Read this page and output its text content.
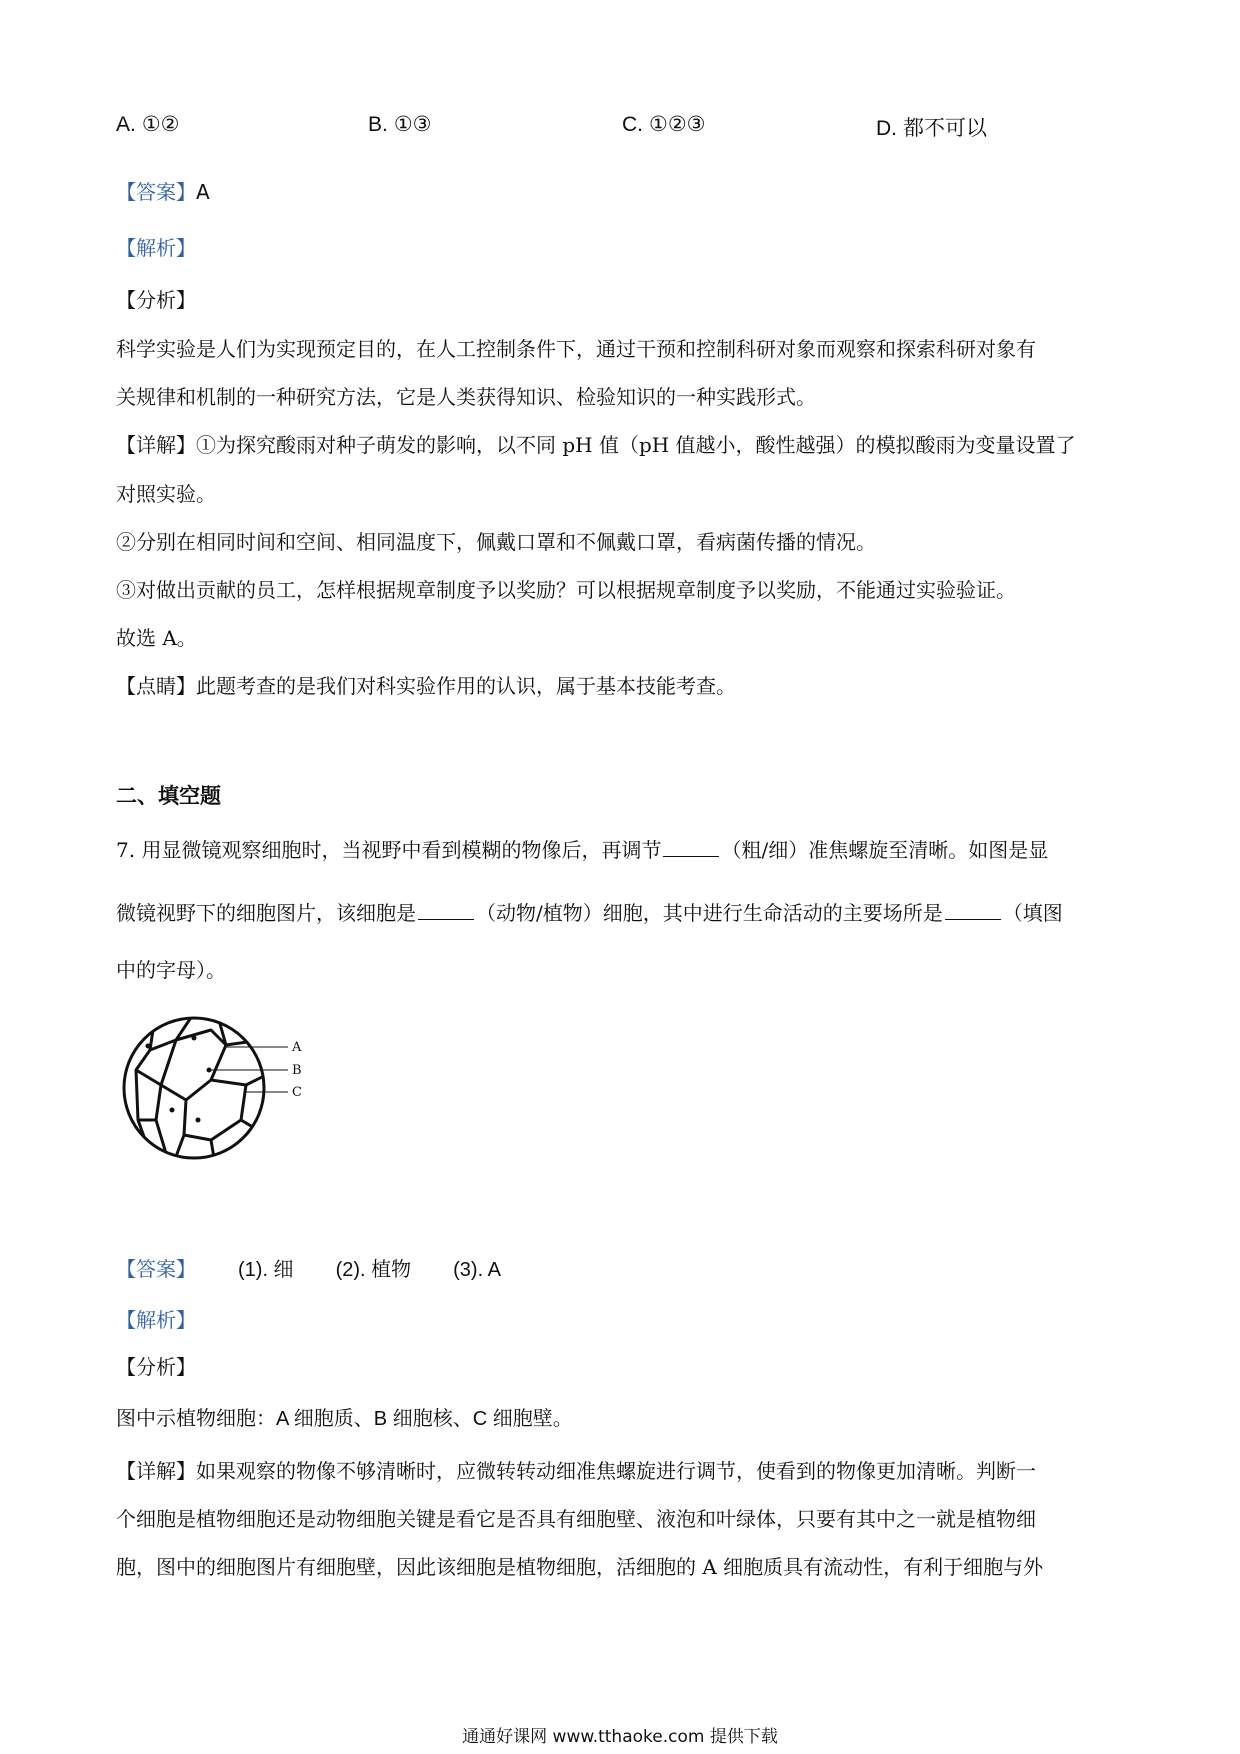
A. ①②	B. ①③	C. ①②③	D. 都不可以
【答案】A
【解析】
【分析】
科学实验是人们为实现预定目的，在人工控制条件下，通过干预和控制科研对象而观察和探索科研对象有
关规律和机制的一种研究方法，它是人类获得知识、检验知识的一种实践形式。
【详解】①为探究酸雨对种子萌发的影响，以不同 pH 值（pH 值越小，酸性越强）的模拟酸雨为变量设置了
对照实验。
②分别在相同时间和空间、相同温度下，佩戴口罩和不佩戴口罩，看病菌传播的情况。
③对做出贡献的员工，怎样根据规章制度予以奖励？可以根据规章制度予以奖励，不能通过实验验证。
故选 A。
【点睛】此题考查的是我们对科实验作用的认识，属于基本技能考查。
二、填空题
7. 用显微镜观察细胞时，当视野中看到模糊的物像后，再调节	（粗/细）准焦螺旋至清晰。如图是显
微镜视野下的细胞图片，该细胞是	（动物/植物）细胞，其中进行生命活动的主要场所是	（填图
中的字母）。
A
B
C
【答案】 (1). 细 (2). 植物 (3). A
【解析】
【分析】
图中示植物细胞：A 细胞质、B 细胞核、C 细胞壁。
【详解】如果观察的物像不够清晰时，应微转转动细准焦螺旋进行调节，使看到的物像更加清晰。判断一
个细胞是植物细胞还是动物细胞关键是看它是否具有细胞壁、液泡和叶绿体，只要有其中之一就是植物细
胞，图中的细胞图片有细胞壁，因此该细胞是植物细胞，活细胞的 A 细胞质具有流动性，有利于细胞与外
通通好课网 www.tthaoke.com 提供下载
